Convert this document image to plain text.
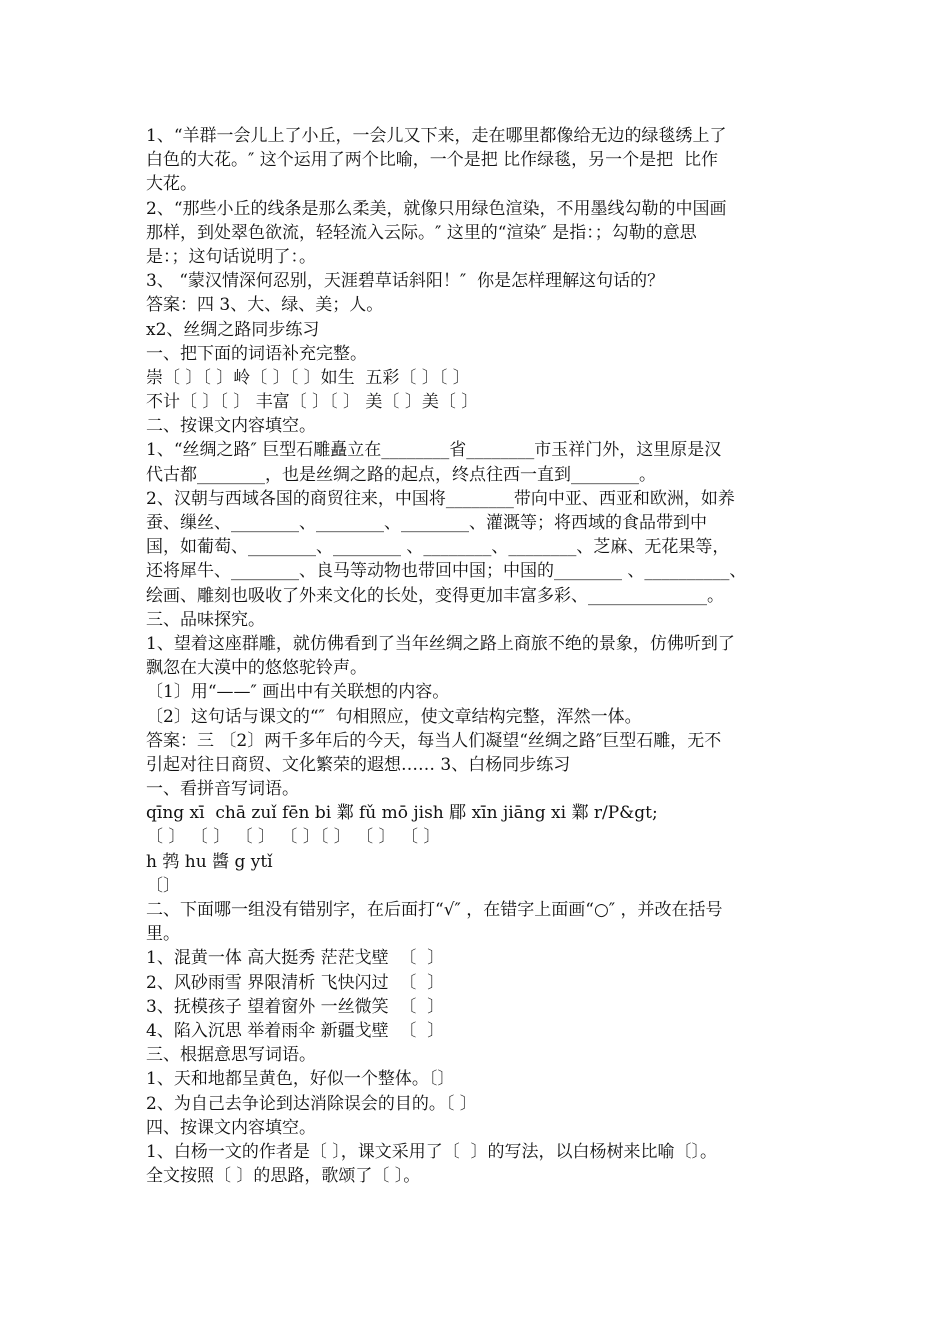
1、“羊群一会儿上了小丘，一会儿又下来，走在哪里都像给无边的绿毯绣上了

白色的大花。″ 这个运用了两个比喻，一个是把 比作绿毯，另一个是把  比作

大花。

2、“那些小丘的线条是那么柔美，就像只用绿色渲染，不用墨线勾勒的中国画

那样，到处翠色欲流，轻轻流入云际。″ 这里的“渲染″ 是指：；勾勒的意思

是：；这句话说明了：。

3、 “蒙汉情深何忍别，天涯碧草话斜阳！″  你是怎样理解这句话的？

答案：四 3、大、绿、美；人。

x2、丝绸之路同步练习

一、把下面的词语补充完整。

崇〔 〕〔 〕岭〔 〕〔 〕如生  五彩〔 〕〔 〕

不计〔 〕〔 〕 丰富〔 〕〔 〕 美〔 〕美〔 〕

二、按课文内容填空。

1、“丝绸之路″ 巨型石雕矗立在________省________市玉祥门外，这里原是汉

代古都________，也是丝绸之路的起点，终点往西一直到________。

2、汉朝与西域各国的商贸往来，中国将________带向中亚、西亚和欧洲，如养

蚕、缫丝、________、________、________、灌溉等；将西域的食品带到中

国，如葡萄、________、________ 、________、________、芝麻、无花果等，

还将犀牛、________、良马等动物也带回中国；中国的________ 、__________、

绘画、雕刻也吸收了外来文化的长处，变得更加丰富多彩、______________。

三、品味探究。

1、望着这座群雕，就仿佛看到了当年丝绸之路上商旅不绝的景象，仿佛听到了

飘忽在大漠中的悠悠驼铃声。

〔1〕用“——″ 画出中有关联想的内容。

〔2〕这句话与课文的“″  句相照应，使文章结构完整，浑然一体。

答案：三 〔2〕两千多年后的今天，每当人们凝望“丝绸之路″巨型石雕，无不

引起对往日商贸、文化繁荣的遐想…… 3、白杨同步练习

一、看拼音写词语。

qīng xī  chā zuǐ fēn bi 鄴 fǔ mō jish 郿 xīn jiāng xi 鄴 r/P&gt;

〔 〕 〔 〕 〔 〕 〔 〕〔 〕 〔 〕 〔 〕

h 鹁 hu 醬 g ytǐ

〔〕

二、下面哪一组没有错别字，在后面打“√″ ，在错字上面画“○″ ，并改在括号

里。

1、混黄一体 高大挺秀 茫茫戈壁  〔  〕

2、风砂雨雪 界限清析 飞快闪过  〔  〕

3、抚模孩子 望着窗外 一丝微笑  〔  〕

4、陷入沉思 举着雨伞 新疆戈壁  〔  〕

三、根据意思写词语。

1、天和地都呈黄色，好似一个整体。〔〕

2、为自己去争论到达消除误会的目的。〔 〕

四、按课文内容填空。

1、白杨一文的作者是〔 〕，课文采用了〔  〕的写法，以白杨树来比喻〔〕。

全文按照〔 〕的思路，歌颂了〔 〕。
